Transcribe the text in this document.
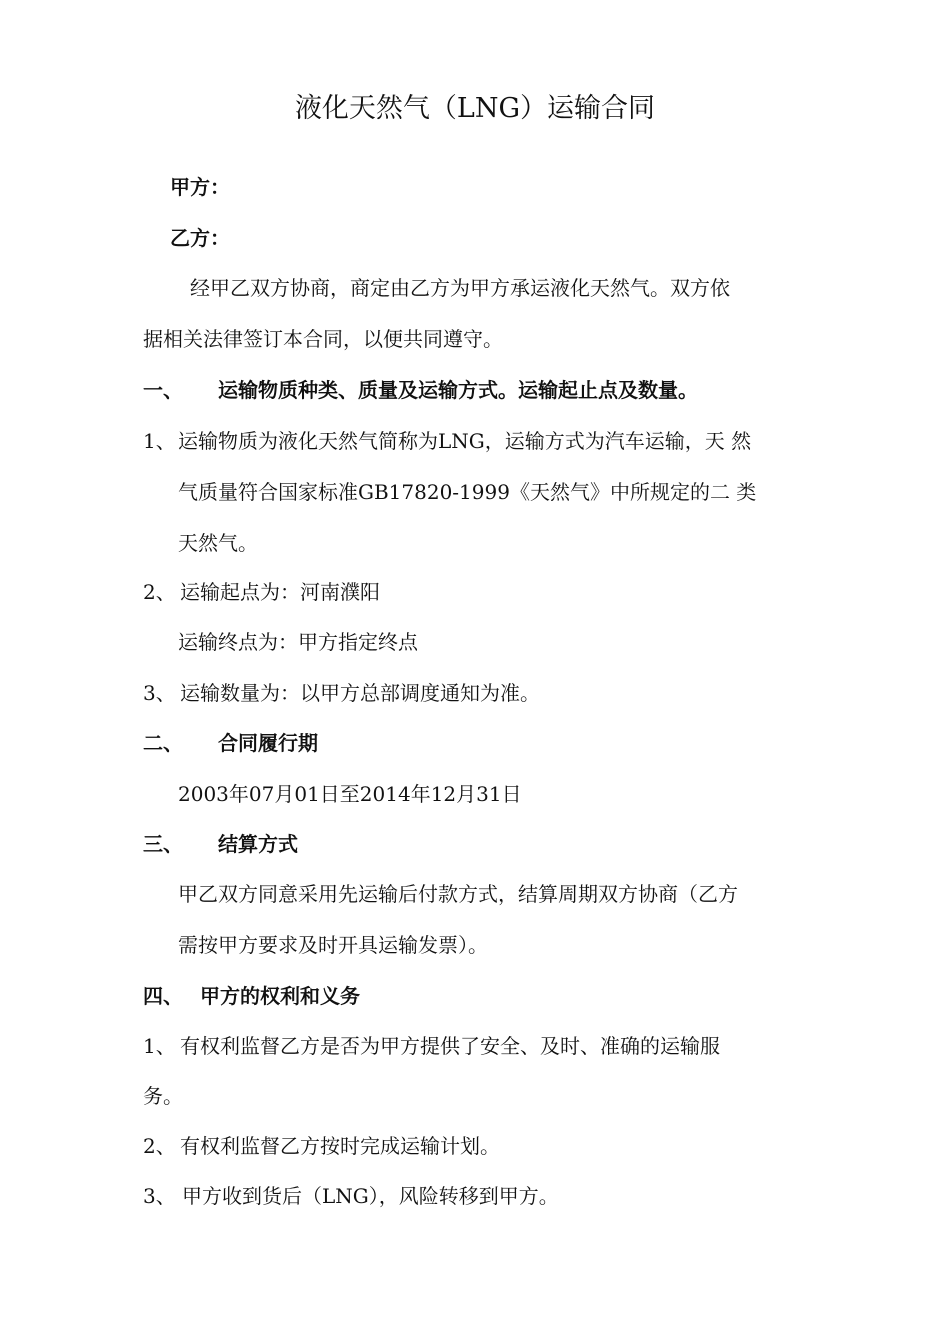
液化天然气（LNG）运输合同
甲方：
乙方：
经甲乙双方协商，商定由乙方为甲方承运液化天然气。双方依
据相关法律签订本合同，以便共同遵守。
一、 运输物质种类、质量及运输方式。运输起止点及数量。
1、 运输物质为液化天然气简称为LNG，运输方式为汽车运输，天 然
气质量符合国家标准GB17820-1999《天然气》中所规定的二 类
天然气。
2、 运输起点为：河南濮阳
运输终点为：甲方指定终点
3、 运输数量为：以甲方总部调度通知为准。
二、 合同履行期
2003年07月01日至2014年12月31日
三、 结算方式
甲乙双方同意采用先运输后付款方式，结算周期双方协商（乙方
需按甲方要求及时开具运输发票）。
四、 甲方的权利和义务
1、 有权利监督乙方是否为甲方提供了安全、及时、准确的运输服
务。
2、 有权利监督乙方按时完成运输计划。
3、 甲方收到货后（LNG），风险转移到甲方。
